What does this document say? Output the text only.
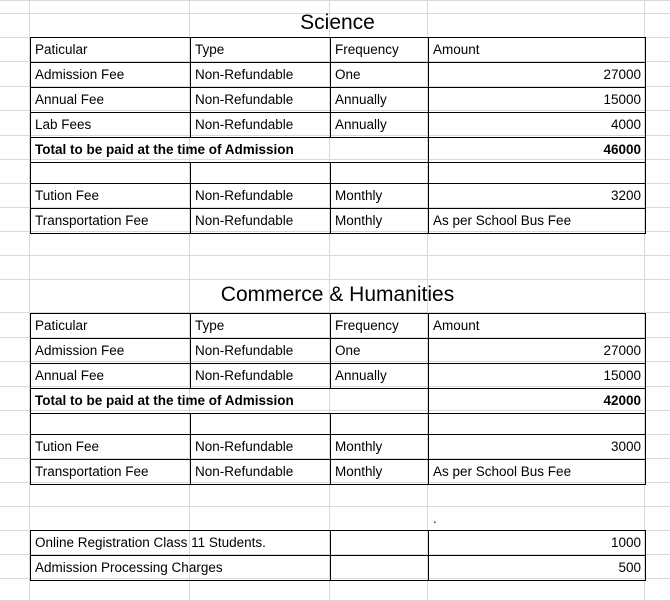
Science
Paticular	Type	Frequency	Amount
Admission Fee	Non-Refundable	One	27000
Annual Fee	Non-Refundable	Annually	15000
Lab Fees	Non-Refundable	Annually	4000
Total to be paid at the time of Admission			46000

Tution Fee	Non-Refundable	Monthly	3200
Transportation Fee	Non-Refundable	Monthly	As per School Bus Fee
Commerce & Humanities
Paticular	Type	Frequency	Amount
Admission Fee	Non-Refundable	One	27000
Annual Fee	Non-Refundable	Annually	15000
Total to be paid at the time of Admission			42000

Tution Fee	Non-Refundable	Monthly	3000
Transportation Fee	Non-Refundable	Monthly	As per School Bus Fee
.
Online Registration Class 11 Students.		1000
Admission Processing Charges		500
